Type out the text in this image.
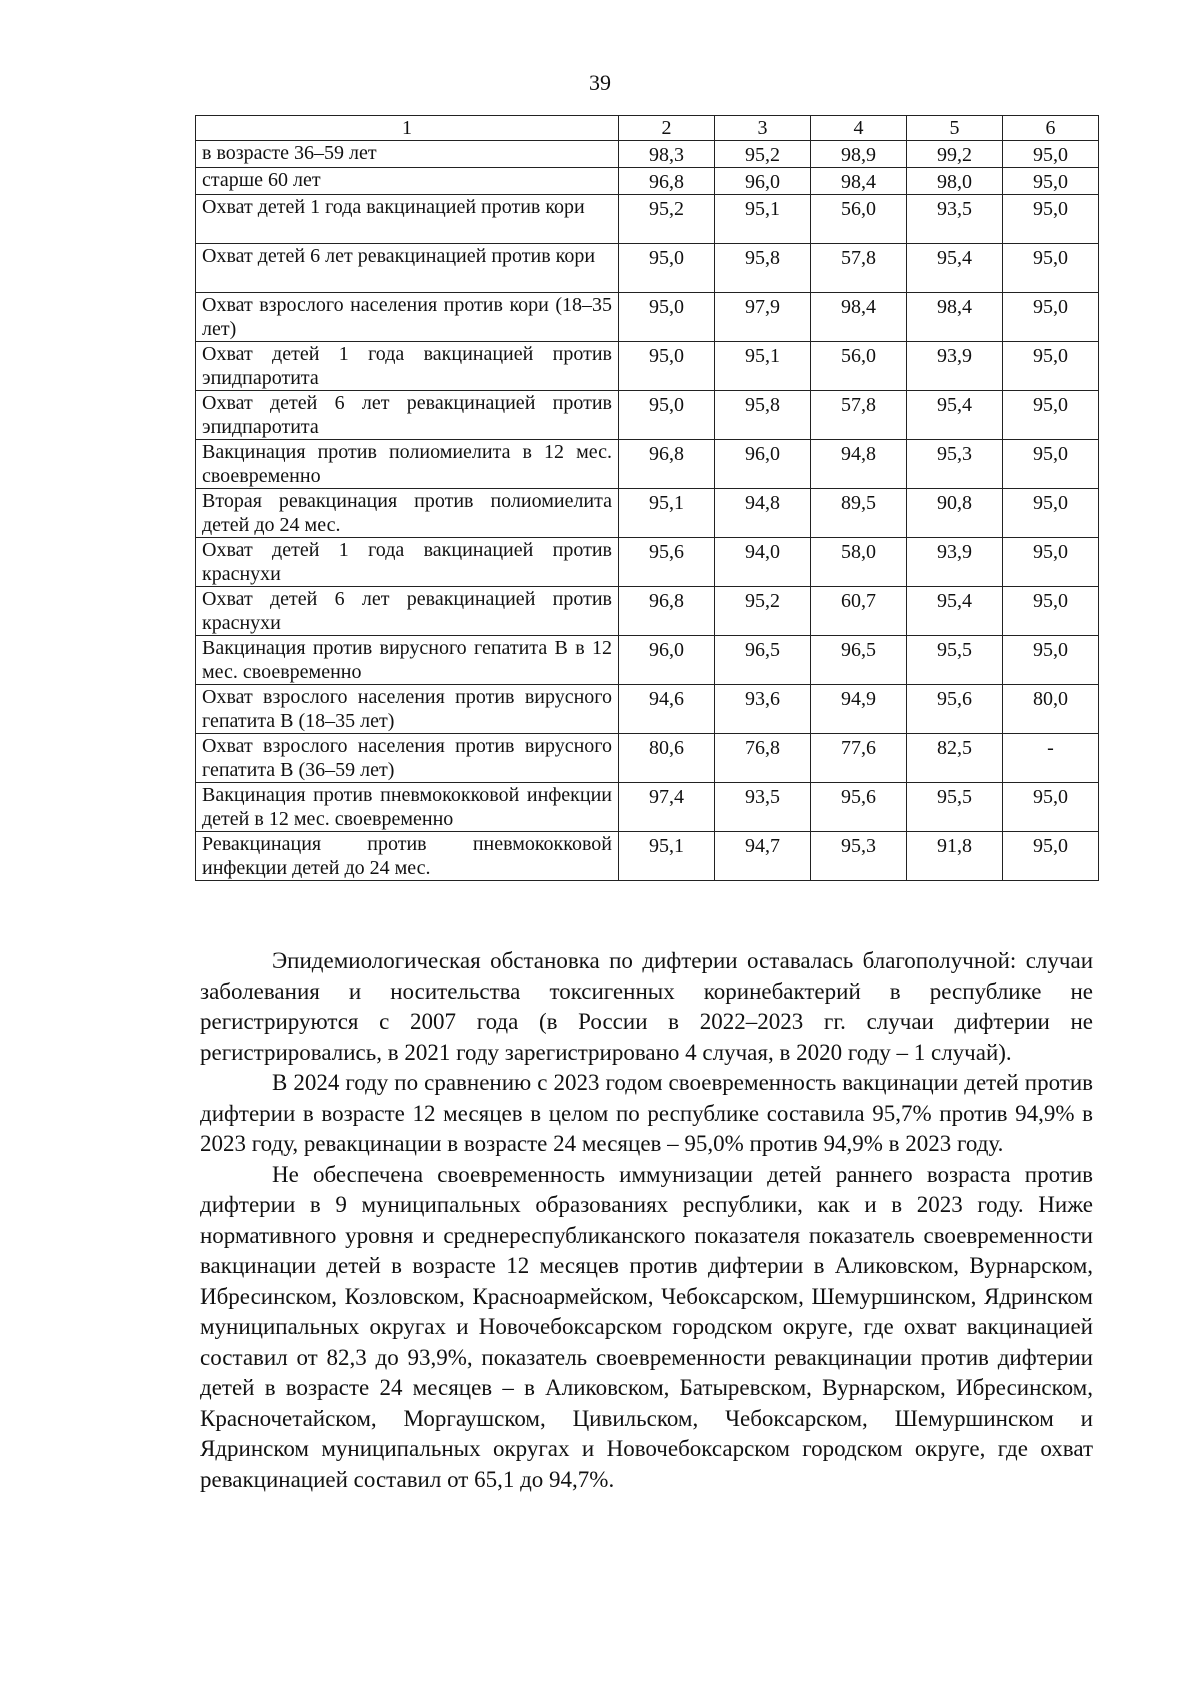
39
1	2	3	4	5	6
в возрасте 36–59 лет	98,3	95,2	98,9	99,2	95,0
старше 60 лет	96,8	96,0	98,4	98,0	95,0
Охват детей 1 года вакцинацией против кори	95,2	95,1	56,0	93,5	95,0
Охват детей 6 лет ревакцинацией против кори	95,0	95,8	57,8	95,4	95,0
Охват взрослого населения против кори (18–35 лет)	95,0	97,9	98,4	98,4	95,0
Охват детей 1 года вакцинацией против эпидпаротита	95,0	95,1	56,0	93,9	95,0
Охват детей 6 лет ревакцинацией против эпидпаротита	95,0	95,8	57,8	95,4	95,0
Вакцинация против полиомиелита в 12 мес. своевременно	96,8	96,0	94,8	95,3	95,0
Вторая ревакцинация против полиомиелита детей до 24 мес.	95,1	94,8	89,5	90,8	95,0
Охват детей 1 года вакцинацией против краснухи	95,6	94,0	58,0	93,9	95,0
Охват детей 6 лет ревакцинацией против краснухи	96,8	95,2	60,7	95,4	95,0
Вакцинация против вирусного гепатита В в 12 мес. своевременно	96,0	96,5	96,5	95,5	95,0
Охват взрослого населения против вирусного гепатита В (18–35 лет)	94,6	93,6	94,9	95,6	80,0
Охват взрослого населения против вирусного гепатита В (36–59 лет)	80,6	76,8	77,6	82,5	-
Вакцинация против пневмококковой инфекции детей в 12 мес. своевременно	97,4	93,5	95,6	95,5	95,0
Ревакцинация против пневмококковой инфекции детей до 24 мес.	95,1	94,7	95,3	91,8	95,0

Эпидемиологическая обстановка по дифтерии оставалась благополучной: случаи заболевания и носительства токсигенных коринебактерий в республике не регистрируются с 2007 года (в России в 2022–2023 гг. случаи дифтерии не регистрировались, в 2021 году зарегистрировано 4 случая, в 2020 году – 1 случай).

В 2024 году по сравнению с 2023 годом своевременность вакцинации детей против дифтерии в возрасте 12 месяцев в целом по республике составила 95,7% против 94,9% в 2023 году, ревакцинации в возрасте 24 месяцев – 95,0% против 94,9% в 2023 году.

Не обеспечена своевременность иммунизации детей раннего возраста против дифтерии в 9 муниципальных образованиях республики, как и в 2023 году. Ниже нормативного уровня и среднереспубликанского показателя показатель своевременности вакцинации детей в возрасте 12 месяцев против дифтерии в Аликовском, Вурнарском, Ибресинском, Козловском, Красноармейском, Чебоксарском, Шемуршинском, Ядринском муниципальных округах и Новочебоксарском городском округе, где охват вакцинацией составил от 82,3 до 93,9%, показатель своевременности ревакцинации против дифтерии детей в возрасте 24 месяцев – в Аликовском, Батыревском, Вурнарском, Ибресинском, Красночетайском, Моргаушском, Цивильском, Чебоксарском, Шемуршинском и Ядринском муниципальных округах и Новочебоксарском городском округе, где охват ревакцинацией составил от 65,1 до 94,7%.
